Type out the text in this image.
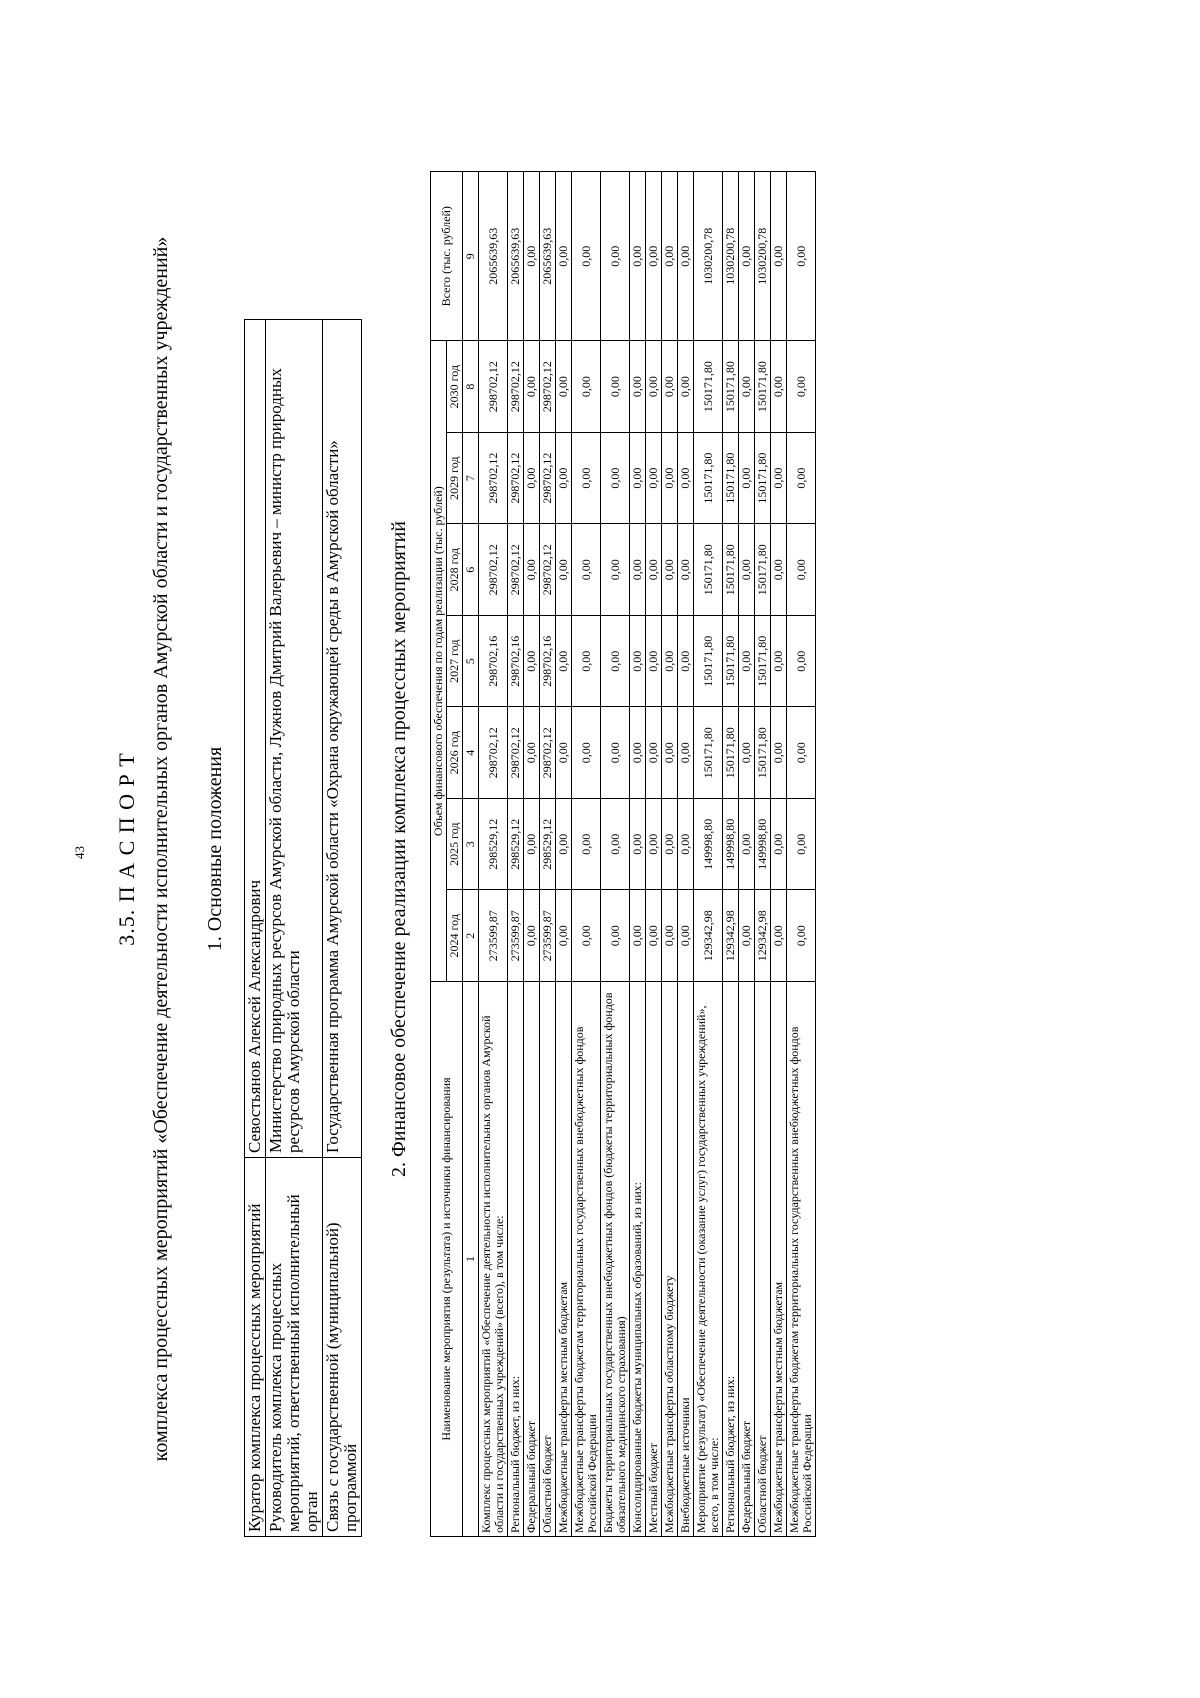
43 3.5. П А С П О Р Т комплекса процессных мероприятий «Обеспечение деятельности исполнительных органов Амурской области и государственных учреждений» 1. Основные положения
Куратор комплекса процессных мероприятий	Севостьянов Алексей Александрович
Руководитель комплекса процессных мероприятий, ответственный исполнительный орган	Министерство природных ресурсов Амурской области, Лужнов Дмитрий Валерьевич – министр природных ресурсов Амурской области
Связь с государственной (муниципальной) программой	Государственная программа Амурской области «Охрана окружающей среды в Амурской области» 2. Финансовое обеспечение реализации комплекса процессных мероприятий
Наименование мероприятия (результата) и источники финансирования	Объем финансового обеспечения по годам реализации (тыс. рублей)							Всего (тыс. рублей)
	2024 год	2025 год	2026 год	2027 год	2028 год	2029 год	2030 год	
1	2	3	4	5	6	7	8	9
Комплекс процессных мероприятий «Обеспечение деятельности исполнительных органов Амурской области и государственных учреждений» (всего), в том числе:	273599,87	298529,12	298702,12	298702,16	298702,12	298702,12	298702,12	2065639,63
Региональный бюджет, из них:	273599,87	298529,12	298702,12	298702,16	298702,12	298702,12	298702,12	2065639,63
Федеральный бюджет	0,00	0,00	0,00	0,00	0,00	0,00	0,00	0,00
Областной бюджет	273599,87	298529,12	298702,12	298702,16	298702,12	298702,12	298702,12	2065639,63
Межбюджетные трансферты местным бюджетам	0,00	0,00	0,00	0,00	0,00	0,00	0,00	0,00
Межбюджетные трансферты бюджетам территориальных государственных внебюджетных фондов Российской Федерации	0,00	0,00	0,00	0,00	0,00	0,00	0,00	0,00
Бюджеты территориальных государственных внебюджетных фондов (бюджеты территориальных фондов обязательного медицинского страхования)	0,00	0,00	0,00	0,00	0,00	0,00	0,00	0,00
Консолидированные бюджеты муниципальных образований, из них:	0,00	0,00	0,00	0,00	0,00	0,00	0,00	0,00
Местный бюджет	0,00	0,00	0,00	0,00	0,00	0,00	0,00	0,00
Межбюджетные трансферты областному бюджету	0,00	0,00	0,00	0,00	0,00	0,00	0,00	0,00
Внебюджетные источники	0,00	0,00	0,00	0,00	0,00	0,00	0,00	0,00
Мероприятие (результат) «Обеспечение деятельности (оказание услуг) государственных учреждений», всего, в том числе:	129342,98	149998,80	150171,80	150171,80	150171,80	150171,80	150171,80	1030200,78
Региональный бюджет, из них:	129342,98	149998,80	150171,80	150171,80	150171,80	150171,80	150171,80	1030200,78
Федеральный бюджет	0,00	0,00	0,00	0,00	0,00	0,00	0,00	0,00
Областной бюджет	129342,98	149998,80	150171,80	150171,80	150171,80	150171,80	150171,80	1030200,78
Межбюджетные трансферты местным бюджетам	0,00	0,00	0,00	0,00	0,00	0,00	0,00	0,00
Межбюджетные трансферты бюджетам территориальных государственных внебюджетных фондов Российской Федерации	0,00	0,00	0,00	0,00	0,00	0,00	0,00	0,00
